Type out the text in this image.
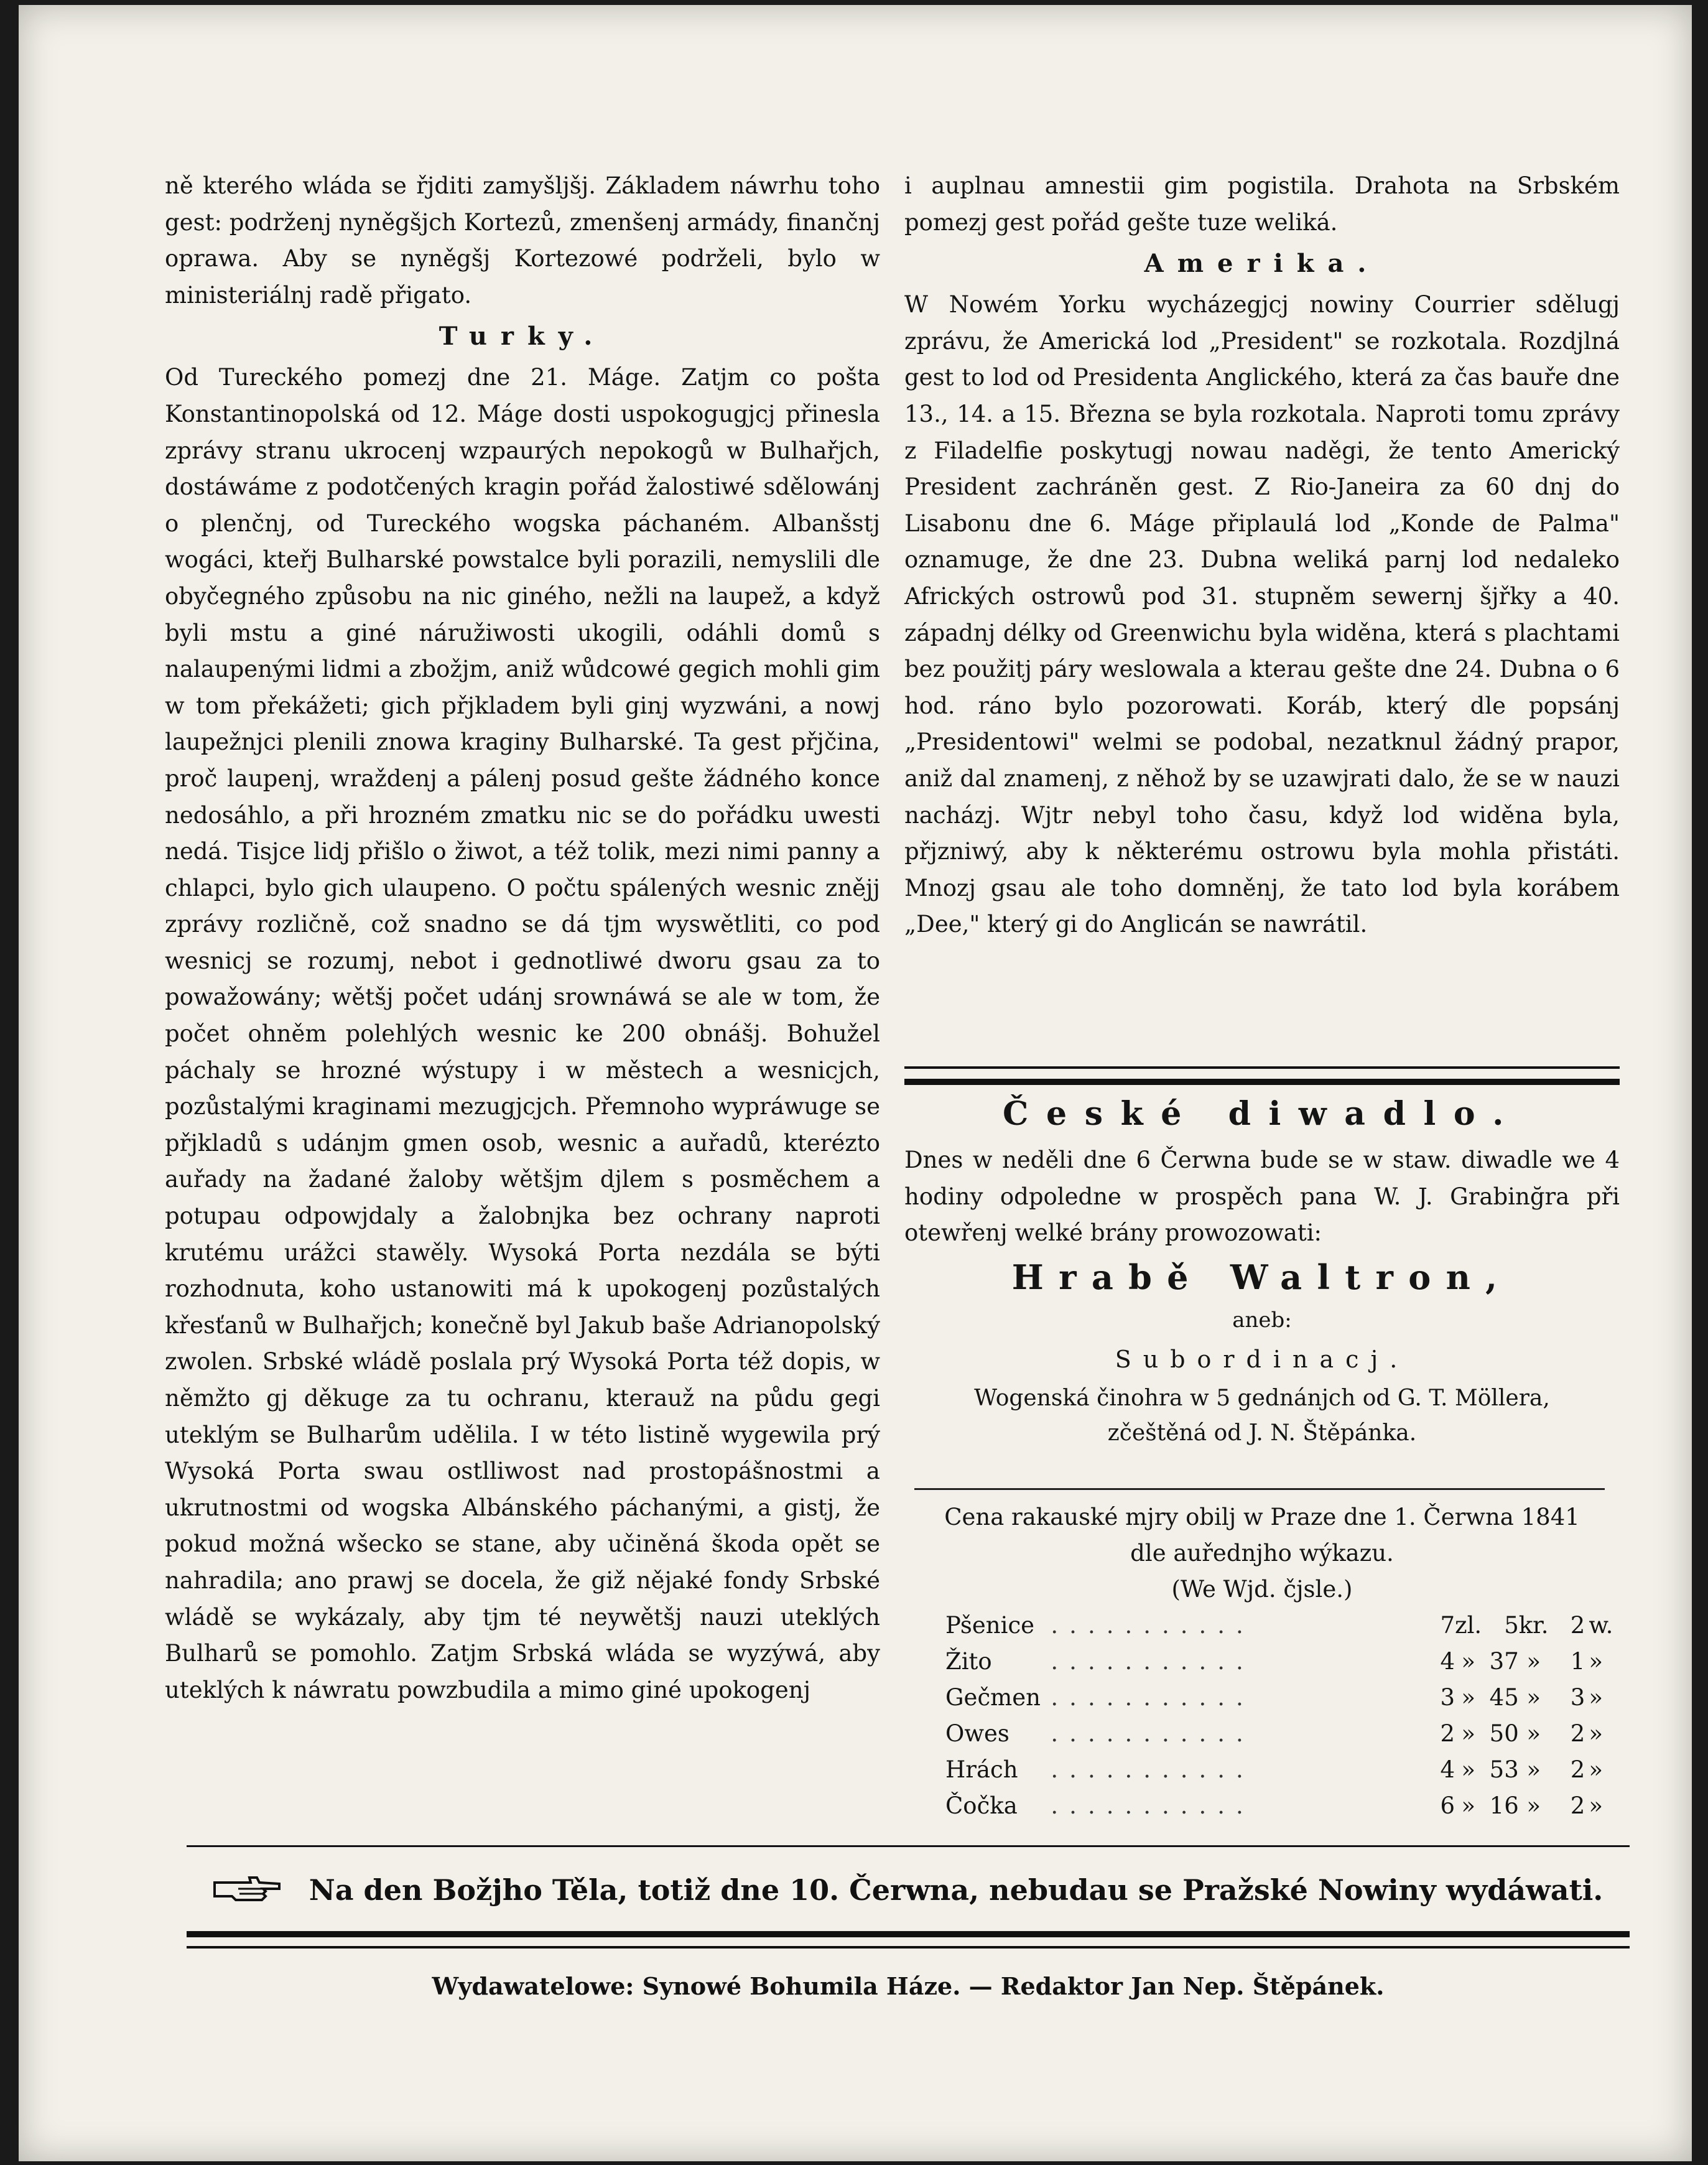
ně kterého wláda se řjditi zamyšljšj. Základem náwrhu toho gest: podrženj nyněgšjch Kortezů, zmenšenj armády, finančnj oprawa. Aby se nyněgšj Kortezowé podrželi, bylo w ministeriálnj radě přigato.

Turky.

Od Tureckého pomezj dne 21. Máge. Zatjm co pošta Konstantinopolská od 12. Máge dosti uspokogugjcj přinesla zprávy stranu ukrocenj wzpaurých nepokogů w Bulhařjch, dostáwáme z podotčených kragin pořád žalostiwé sdělowánj o plenčnj, od Tureckého wogska páchaném. Albanšstj wogáci, kteřj Bulharské powstalce byli porazili, nemyslili dle obyčegného způsobu na nic giného, nežli na laupež, a když byli mstu a giné náružiwosti ukogili, odáhli domů s nalaupenými lidmi a zbožjm, aniž wůdcowé gegich mohli gim w tom překážeti; gich přjkladem byli ginj wyzwáni, a nowj laupežnjci plenili znowa kraginy Bulharské. Ta gest přjčina, proč laupenj, wraždenj a pálenj posud gešte žádného konce nedosáhlo, a při hrozném zmatku nic se do pořádku uwesti nedá. Tisjce lidj přišlo o žiwot, a též tolik, mezi nimi panny a chlapci, bylo gich ulaupeno. O počtu spálených wesnic znějj zprávy rozličně, což snadno se dá tjm wyswětliti, co pod wesnicj se rozumj, nebot i gednotliwé dworu gsau za to powažowány; wětšj počet udánj srownáwá se ale w tom, že počet ohněm polehlých wesnic ke 200 obnášj. Bohužel páchaly se hrozné wýstupy i w městech a wesnicjch, pozůstalými kraginami mezugjcjch. Přemnoho wypráwuge se přjkladů s udánjm gmen osob, wesnic a auřadů, kterézto auřady na žadané žaloby wětšjm djlem s posměchem a potupau odpowjdaly a žalobnjka bez ochrany naproti krutému urážci stawěly. Wysoká Porta nezdála se býti rozhodnuta, koho ustanowiti má k upokogenj pozůstalých křesťanů w Bulhařjch; konečně byl Jakub baše Adrianopolský zwolen. Srbské wládě poslala prý Wysoká Porta též dopis, w němžto gj děkuge za tu ochranu, kterauž na půdu gegi uteklým se Bulharům udělila. I w této listině wygewila prý Wysoká Porta swau ostlliwost nad prostopášnostmi a ukrutnostmi od wogska Albánského páchanými, a gistj, že pokud možná wšecko se stane, aby učiněná škoda opět se nahradila; ano prawj se docela, že giž nějaké fondy Srbské wládě se wykázaly, aby tjm té neywětšj nauzi uteklých Bulharů se pomohlo. Zatjm Srbská wláda se wyzýwá, aby uteklých k náwratu powzbudila a mimo giné upokogenj

i auplnau amnestii gim pogistila. Drahota na Srbském pomezj gest pořád gešte tuze weliká.

Amerika.

W Nowém Yorku wycházegjcj nowiny Courrier sdělugj zprávu, že Americká lod „President" se rozkotala. Rozdjlná gest to lod od Presidenta Anglického, která za čas bauře dne 13., 14. a 15. Března se byla rozkotala. Naproti tomu zprávy z Filadelfie poskytugj nowau naděgi, že tento Americký President zachráněn gest. Z Rio-Janeira za 60 dnj do Lisabonu dne 6. Máge připlaulá lod „Konde de Palma" oznamuge, že dne 23. Dubna weliká parnj lod nedaleko Afrických ostrowů pod 31. stupněm sewernj šjřky a 40. západnj délky od Greenwichu byla widěna, která s plachtami bez použitj páry weslowala a kterau gešte dne 24. Dubna o 6 hod. ráno bylo pozorowati. Koráb, který dle popsánj „Presidentowi" welmi se podobal, nezatknul žádný prapor, aniž dal znamenj, z něhož by se uzawjrati dalo, že se w nauzi nacházj. Wjtr nebyl toho času, když lod widěna byla, přjzniwý, aby k některému ostrowu byla mohla přistáti. Mnozj gsau ale toho domněnj, že tato lod byla korábem „Dee," který gi do Anglicán se nawrátil.

České diwadlo.
Dnes w neděli dne 6 Čerwna bude se w staw. diwadle we 4 hodiny odpoledne w prospěch pana W. J. Grabinğra při otewřenj welké brány prowozowati:
Hrabě Waltron,
aneb:
Subordinacj.
Wogenská činohra w 5 gednánjch od G. T. Möllera,
zčeštěná od J. N. Štěpánka.
Cena rakauské mjry obilj w Praze dne 1. Čerwna 1841
dle auřednjho wýkazu.
(We Wjd. čjsle.)
Pšenice	...........	7	zl.	5	kr.	2	w.
Žito	...........	4	»	37	»	1	»
Gečmen	...........	3	»	45	»	3	»
Owes	...........	2	»	50	»	2	»
Hrách	...........	4	»	53	»	2	»
Čočka	...........	6	»	16	»	2	»
Na den Božjho Těla, totiž dne 10. Čerwna, nebudau se Pražské Nowiny wydáwati.
Wydawatelowe: Synowé Bohumila Háze. — Redaktor Jan Nep. Štěpánek.
